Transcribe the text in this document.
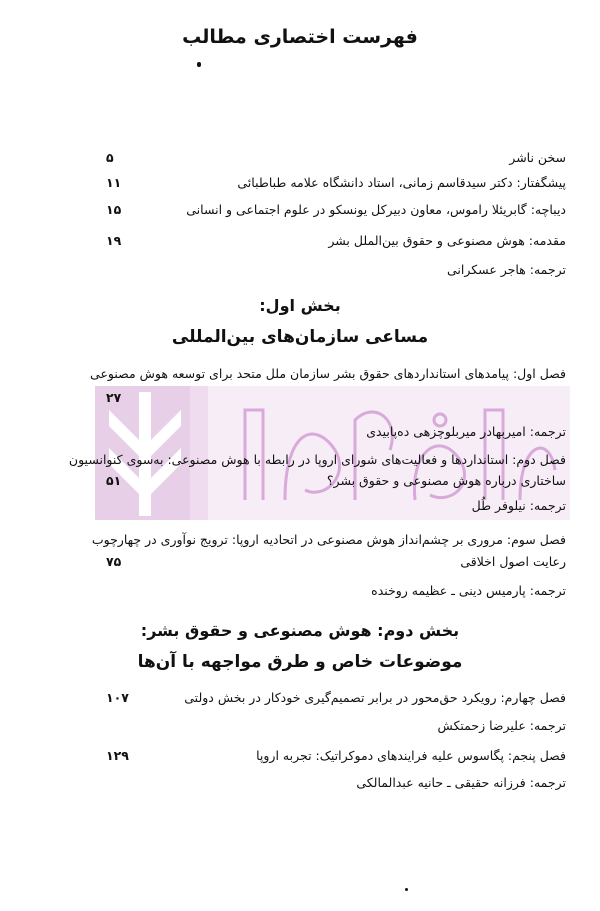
فهرست اختصاری مطالب
سخن ناشر
۵
پیشگفتار: دکتر سیدقاسم زمانی، استاد دانشگاه علامه طباطبائی
۱۱
دیباچه: گابریئلا راموس، معاون دبیرکل یونسکو در علوم اجتماعی و انسانی
۱۵
مقدمه: هوش مصنوعی و حقوق بین‌الملل بشر
۱۹
ترجمه: هاجر عسکرانی
بخش اول:
مساعی سازمان‌های بین‌المللی
فصل اول: پیامدهای استانداردهای حقوق بشر سازمان ملل متحد برای توسعه هوش مصنوعی
۲۷
ترجمه: امیربهادر میربلوچزهی ده‌پابیدی
فصل دوم: استانداردها و فعالیت‌های شورای اروپا در رابطه با هوش مصنوعی: به‌سوی کنوانسیون
ساختاری درباره هوش مصنوعی و حقوق بشر؟
۵۱
ترجمه: نیلوفر طُل
فصل سوم: مروری بر چشم‌انداز هوش مصنوعی در اتحادیه اروپا: ترویج نوآوری در چهارچوب
رعایت اصول اخلاقی
۷۵
ترجمه: پارمیس دینی ـ عظیمه روخنده
بخش دوم: هوش مصنوعی و حقوق بشر:
موضوعات خاص و طرق مواجهه با آن‌ها
فصل چهارم: رویکرد حق‌محور در برابر تصمیم‌گیری خودکار در بخش دولتی
۱۰۷
ترجمه: علیرضا زحمتکش
فصل پنجم: پگاسوس علیه فرایندهای دموکراتیک: تجربه اروپا
۱۲۹
ترجمه: فرزانه حقیقی ـ حانیه عبدالمالکی
